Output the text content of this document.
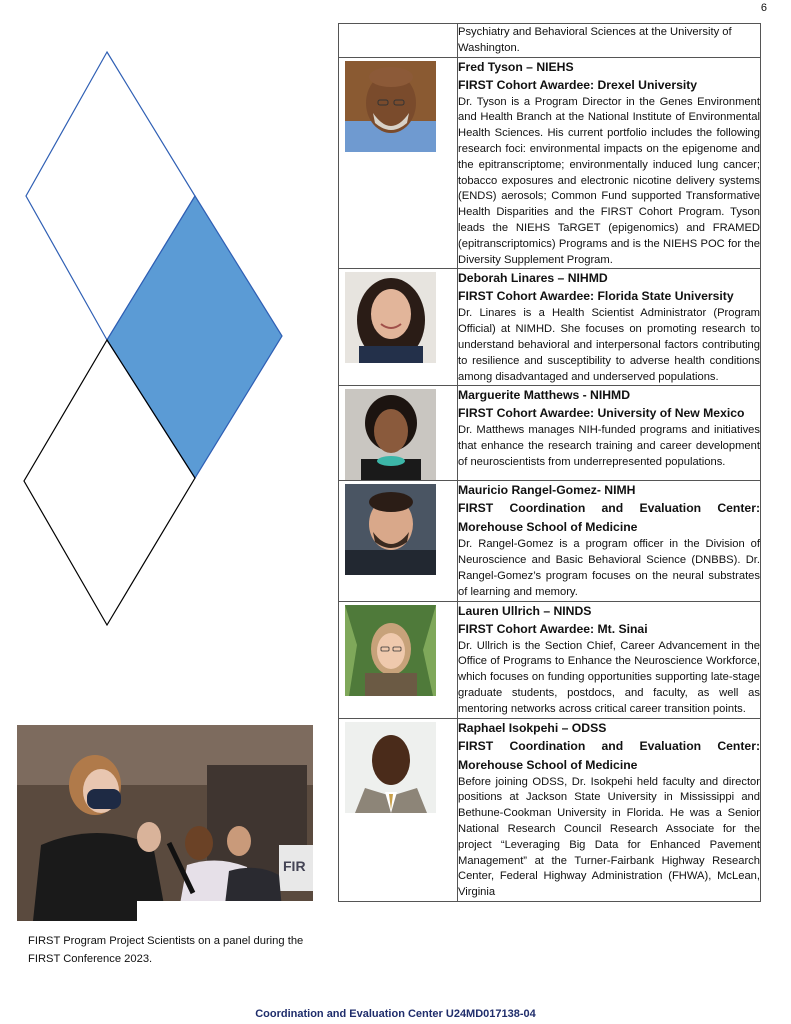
6

	Psychiatry and Behavioral Sciences at the University of Washington.

Fred Tyson – NIEHS
FIRST Cohort Awardee: Drexel University
Dr. Tyson is a Program Director in the Genes Environment and Health Branch at the National Institute of Environmental Health Sciences. His current portfolio includes the following research foci: environmental impacts on the epigenome and the epitranscriptome; environmentally induced lung cancer; tobacco exposures and electronic nicotine delivery systems (ENDS) aerosols; Common Fund supported Transformative Health Disparities and the FIRST Cohort Program. Tyson leads the NIEHS TaRGET (epigenomics) and FRAMED (epitranscriptomics) Programs and is the NIEHS POC for the Diversity Supplement Program.

Deborah Linares – NIHMD
FIRST Cohort Awardee: Florida State University
Dr. Linares is a Health Scientist Administrator (Program Official) at NIMHD. She focuses on promoting research to understand behavioral and interpersonal factors contributing to resilience and susceptibility to adverse health conditions among disadvantaged and underserved populations.

Marguerite Matthews - NIHMD
FIRST Cohort Awardee: University of New Mexico
Dr. Matthews manages NIH-funded programs and initiatives that enhance the research training and career development of neuroscientists from underrepresented populations.

Mauricio Rangel-Gomez- NIMH
FIRST Coordination and Evaluation Center: Morehouse School of Medicine
Dr. Rangel-Gomez is a program officer in the Division of Neuroscience and Basic Behavioral Science (DNBBS). Dr. Rangel-Gomez’s program focuses on the neural substrates of learning and memory.

Lauren Ullrich – NINDS
FIRST Cohort Awardee: Mt. Sinai
Dr. Ullrich is the Section Chief, Career Advancement in the Office of Programs to Enhance the Neuroscience Workforce, which focuses on funding opportunities supporting late-stage graduate students, postdocs, and faculty, as well as mentoring networks across critical career transition points.

Raphael Isokpehi – ODSS
FIRST Coordination and Evaluation Center: Morehouse School of Medicine
Before joining ODSS, Dr. Isokpehi held faculty and director positions at Jackson State University in Mississippi and Bethune-Cookman University in Florida. He was a Senior National Research Council Research Associate for the project “Leveraging Big Data for Enhanced Pavement Management” at the Turner-Fairbank Highway Research Center, Federal Highway Administration (FHWA), McLean, Virginia
FIR
FIRST Program Project Scientists on a panel during the FIRST Conference 2023.
Coordination and Evaluation Center U24MD017138-04
